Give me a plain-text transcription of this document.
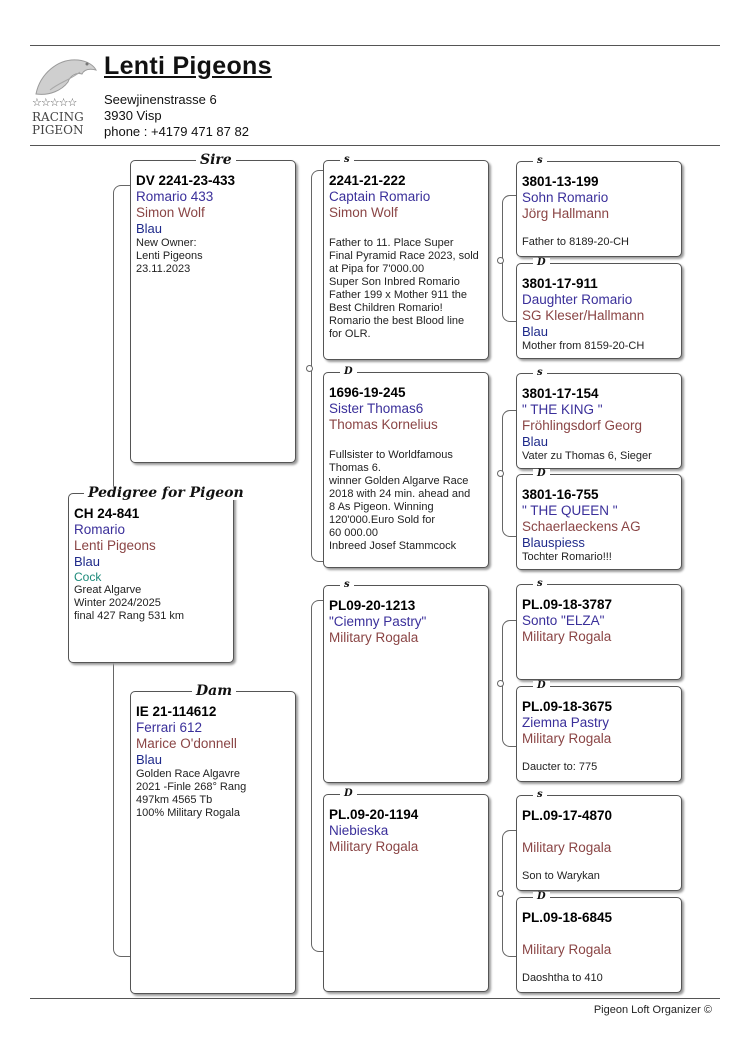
☆☆☆☆☆
RACING
PIGEON
Lenti Pigeons
Seewjinenstrasse 6
3930 Visp
phone : +4179 471 87 82
CH 24-841
Romario
Lenti Pigeons
Blau
Cock
Great Algarve
Winter 2024/2025
final 427 Rang 531 km
Pedigree for Pigeon
DV 2241-23-433
Romario 433
Simon Wolf
Blau
New Owner:
Lenti Pigeons
23.11.2023
Sire
IE 21-114612
Ferrari 612
Marice O'donnell
Blau
Golden Race Algavre
2021 -Finle 268° Rang
497km 4565 Tb
100% Military Rogala
Dam
2241-21-222
Captain Romario
Simon Wolf
Father to 11. Place Super
Final Pyramid Race 2023, sold
at Pipa for 7'000.00
Super Son Inbred Romario
Father 199 x Mother 911 the
Best Children Romario!
Romario the best Blood line
for OLR.
s
1696-19-245
Sister Thomas6
Thomas Kornelius
Fullsister to Worldfamous
Thomas 6.
winner Golden Algarve Race
2018 with 24 min. ahead and
8 As Pigeon. Winning
120'000.Euro Sold for
60 000.00
Inbreed Josef Stammcock
D
PL09-20-1213
"Ciemny Pastry"
Military Rogala
s
PL.09-20-1194
Niebieska
Military Rogala
D
3801-13-199
Sohn Romario
Jörg Hallmann
Father to 8189-20-CH
s
3801-17-911
Daughter Romario
SG Kleser/Hallmann
Blau
Mother from 8159-20-CH
D
3801-17-154
" THE KING "
Fröhlingsdorf Georg
Blau
Vater zu Thomas 6, Sieger
s
3801-16-755
" THE QUEEN "
Schaerlaeckens AG
Blauspiess
Tochter Romario!!!
D
PL.09-18-3787
Sonto "ELZA"
Military Rogala
s
PL.09-18-3675
Ziemna Pastry
Military Rogala
Daucter to: 775
D
PL.09-17-4870
Military Rogala
Son to Warykan
s
PL.09-18-6845
Military Rogala
Daoshtha to 410
D
Pigeon Loft Organizer ©
